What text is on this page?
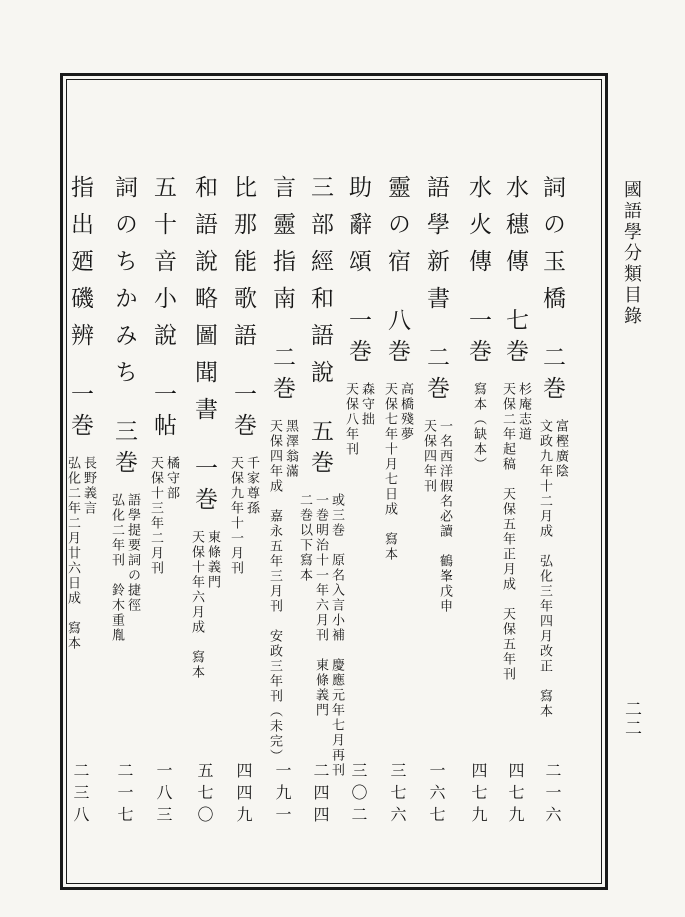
國語學分類目錄
二二
詞の玉橋
二巻
富樫廣陰
文政九年十二月成　弘化三年四月改正　寫本
二一六
水穗傳
七巻
杉庵志道
天保二年起稿　天保五年正月成　天保五年刊
四七九
水火傳
一巻
寫本（缺本）
四七九
語學新書
二巻
一名西洋假名必讀　鶴峯戊申
天保四年刊
一六七
靈の宿
八巻
高橋殘夢
天保七年十月七日成　寫本
三七六
助辭頌
一巻
森守拙
天保八年刊
三〇二
三部經和語說
五巻
或三巻　原名入言小補　慶應元年七月再刊
一巻明治十一年六月刊　東條義門
二巻以下寫本
二四四
言靈指南
二巻
黑澤翁滿
天保四年成　嘉永五年三月刊　安政三年刊（未完）
一九一
比那能歌語
一巻
千家尊孫
天保九年十一月刊
四四九
和語說略圖聞書
一巻
東條義門
天保十年六月成　寫本
五七〇
五十音小說
一帖
橘守部
天保十三年二月刊
一八三
詞のちかみち
三巻
語學提要詞の捷徑
弘化二年刊　鈴木重胤
二一七
指出廼磯辨
一巻
長野義言
弘化二年二月廿六日成　寫本
二三八
